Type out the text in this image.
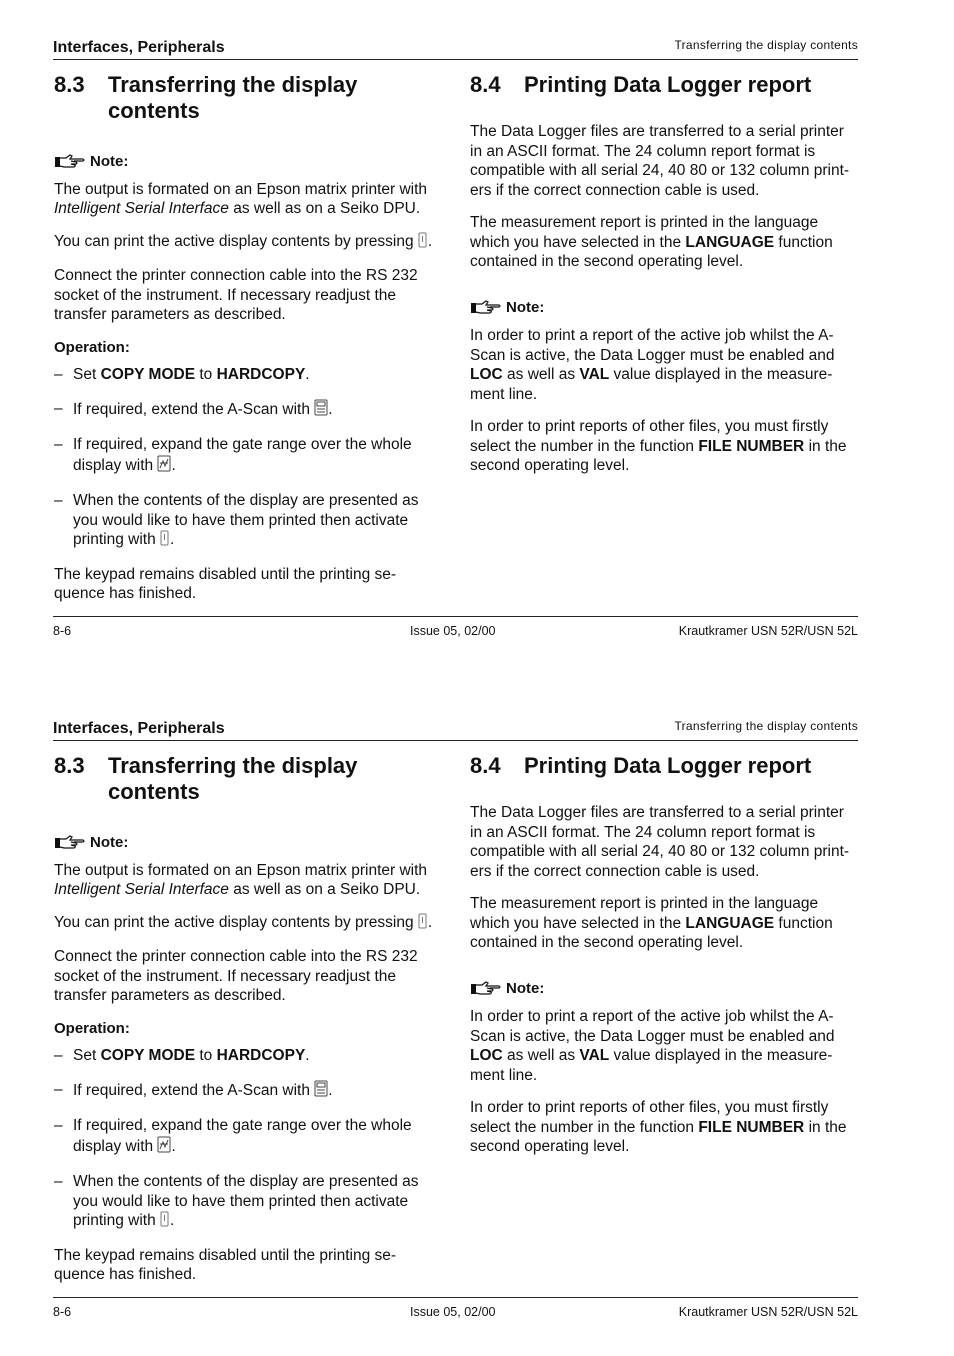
Interfaces, Peripherals	Transferring the display contents
8.3	Transferring the display contents
Note:

The output is formated on an Epson matrix printer with Intelligent Serial Interface as well as on a Seiko DPU.

You can print the active display contents by pressing .

Connect the printer connection cable into the RS 232 socket of the instrument. If necessary readjust the transfer parameters as described.

Operation:
– Set COPY MODE to HARDCOPY.
– If required, extend the A-Scan with .
– If required, expand the gate range over the whole display with .
– When the contents of the display are presented as you would like to have them printed then activate printing with .

The keypad remains disabled until the printing se-quence has finished.

8.4	Printing Data Logger report

The Data Logger files are transferred to a serial printer in an ASCII format. The 24 column report format is compatible with all serial 24, 40 80 or 132 column print-ers if the correct connection cable is used.

The measurement report is printed in the language which you have selected in the LANGUAGE function contained in the second operating level.

Note:

In order to print a report of the active job whilst the A-Scan is active, the Data Logger must be enabled and LOC as well as VAL value displayed in the measure-ment line.

In order to print reports of other files, you must firstly select the number in the function FILE NUMBER in the second operating level.

8-6	Issue 05, 02/00	Krautkramer USN 52R/USN 52L
Interfaces, Peripherals	Transferring the display contents
8.3	Transferring the display contents
Note:

The output is formated on an Epson matrix printer with Intelligent Serial Interface as well as on a Seiko DPU.

You can print the active display contents by pressing .

Connect the printer connection cable into the RS 232 socket of the instrument. If necessary readjust the transfer parameters as described.

Operation:
– Set COPY MODE to HARDCOPY.
– If required, extend the A-Scan with .
– If required, expand the gate range over the whole display with .
– When the contents of the display are presented as you would like to have them printed then activate printing with .

The keypad remains disabled until the printing se-quence has finished.

8.4	Printing Data Logger report

The Data Logger files are transferred to a serial printer in an ASCII format. The 24 column report format is compatible with all serial 24, 40 80 or 132 column print-ers if the correct connection cable is used.

The measurement report is printed in the language which you have selected in the LANGUAGE function contained in the second operating level.

Note:

In order to print a report of the active job whilst the A-Scan is active, the Data Logger must be enabled and LOC as well as VAL value displayed in the measure-ment line.

In order to print reports of other files, you must firstly select the number in the function FILE NUMBER in the second operating level.

8-6	Issue 05, 02/00	Krautkramer USN 52R/USN 52L
